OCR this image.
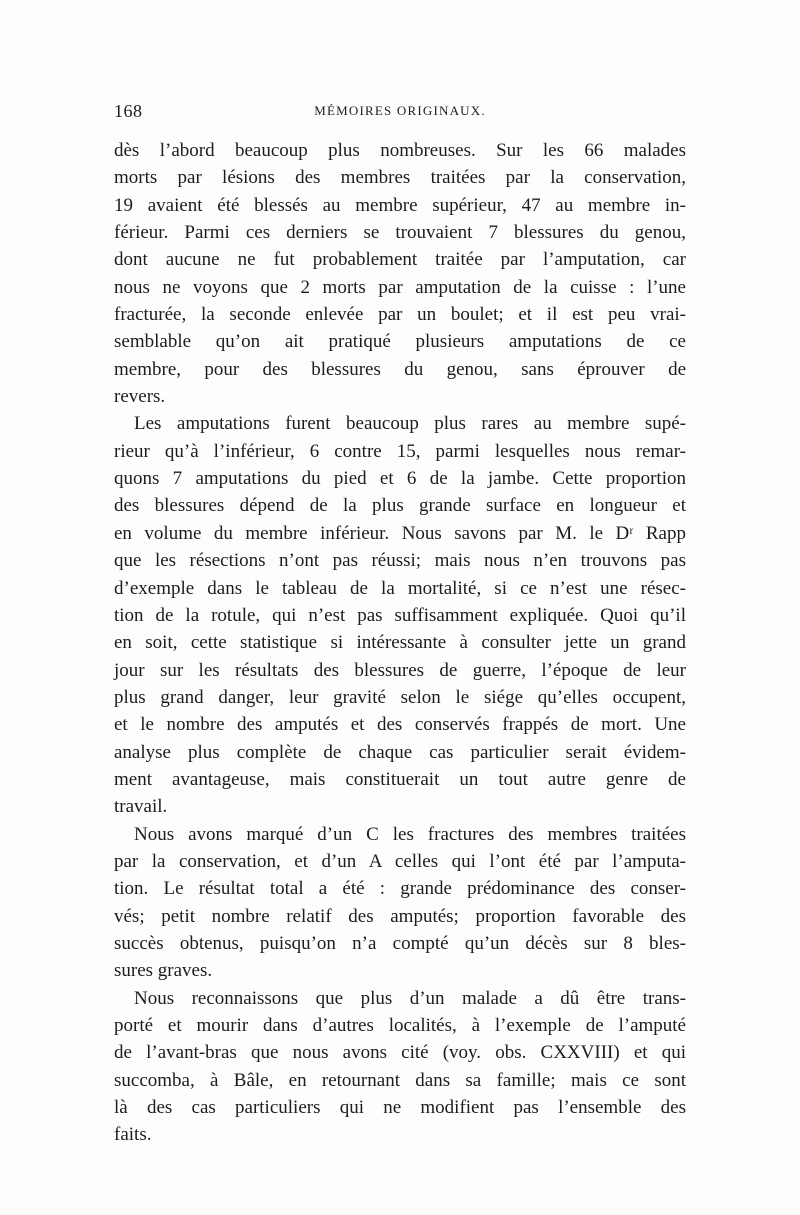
168	MÉMOIRES ORIGINAUX.
dès l’abord beaucoup plus nombreuses. Sur les 66 malades
morts par lésions des membres traitées par la conservation,
19 avaient été blessés au membre supérieur, 47 au membre in-
férieur. Parmi ces derniers se trouvaient 7 blessures du genou,
dont aucune ne fut probablement traitée par l’amputation, car
nous ne voyons que 2 morts par amputation de la cuisse : l’une
fracturée, la seconde enlevée par un boulet; et il est peu vrai-
semblable qu’on ait pratiqué plusieurs amputations de ce
membre, pour des blessures du genou, sans éprouver de
revers.
Les amputations furent beaucoup plus rares au membre supé-
rieur qu’à l’inférieur, 6 contre 15, parmi lesquelles nous remar-
quons 7 amputations du pied et 6 de la jambe. Cette proportion
des blessures dépend de la plus grande surface en longueur et
en volume du membre inférieur. Nous savons par M. le Dʳ Rapp
que les résections n’ont pas réussi; mais nous n’en trouvons pas
d’exemple dans le tableau de la mortalité, si ce n’est une résec-
tion de la rotule, qui n’est pas suffisamment expliquée. Quoi qu’il
en soit, cette statistique si intéressante à consulter jette un grand
jour sur les résultats des blessures de guerre, l’époque de leur
plus grand danger, leur gravité selon le siége qu’elles occupent,
et le nombre des amputés et des conservés frappés de mort. Une
analyse plus complète de chaque cas particulier serait évidem-
ment avantageuse, mais constituerait un tout autre genre de
travail.
Nous avons marqué d’un C les fractures des membres traitées
par la conservation, et d’un A celles qui l’ont été par l’amputa-
tion. Le résultat total a été : grande prédominance des conser-
vés; petit nombre relatif des amputés; proportion favorable des
succès obtenus, puisqu’on n’a compté qu’un décès sur 8 bles-
sures graves.
Nous reconnaissons que plus d’un malade a dû être trans-
porté et mourir dans d’autres localités, à l’exemple de l’amputé
de l’avant-bras que nous avons cité (voy. obs. CXXVIII) et qui
succomba, à Bâle, en retournant dans sa famille; mais ce sont
là des cas particuliers qui ne modifient pas l’ensemble des
faits.
